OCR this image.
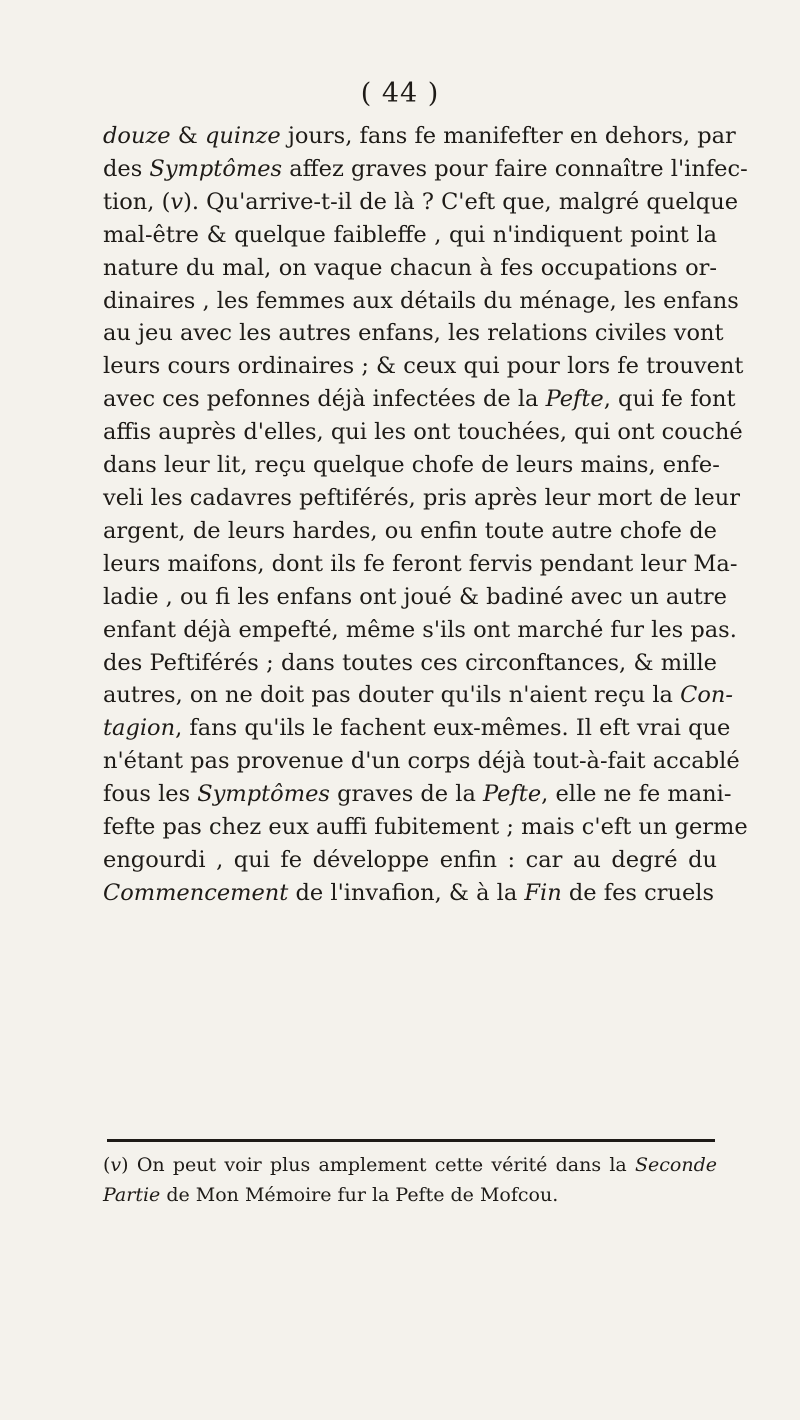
( 44 )
douze & quinze jours, fans fe manifefter en dehors, par
des Symptômes affez graves pour faire connaître l'infec-
tion, (v). Qu'arrive-t-il de là ? C'eft que, malgré quelque
mal-être & quelque faibleffe , qui n'indiquent point la
nature du mal, on vaque chacun à fes occupations or-
dinaires , les femmes aux détails du ménage, les enfans
au jeu avec les autres enfans, les relations civiles vont
leurs cours ordinaires ; & ceux qui pour lors fe trouvent
avec ces pefonnes déjà infectées de la Pefte, qui fe font
affis auprès d'elles, qui les ont touchées, qui ont couché
dans leur lit, reçu quelque chofe de leurs mains, enfe-
veli les cadavres peftiférés, pris après leur mort de leur
argent, de leurs hardes, ou enfin toute autre chofe de
leurs maifons, dont ils fe feront fervis pendant leur Ma-
ladie , ou fi les enfans ont joué & badiné avec un autre
enfant déjà empefté, même s'ils ont marché fur les pas.
des Peftiférés ; dans toutes ces circonftances, & mille
autres, on ne doit pas douter qu'ils n'aient reçu la Con-
tagion, fans qu'ils le fachent eux-mêmes. Il eft vrai que
n'étant pas provenue d'un corps déjà tout-à-fait accablé
fous les Symptômes graves de la Pefte, elle ne fe mani-
fefte pas chez eux auffi fubitement ; mais c'eft un germe
engourdi , qui fe développe enfin : car au degré du
Commencement de l'invafion, & à la Fin de fes cruels
(v) On peut voir plus amplement cette vérité dans la Seconde
Partie de Mon Mémoire fur la Pefte de Mofcou.
